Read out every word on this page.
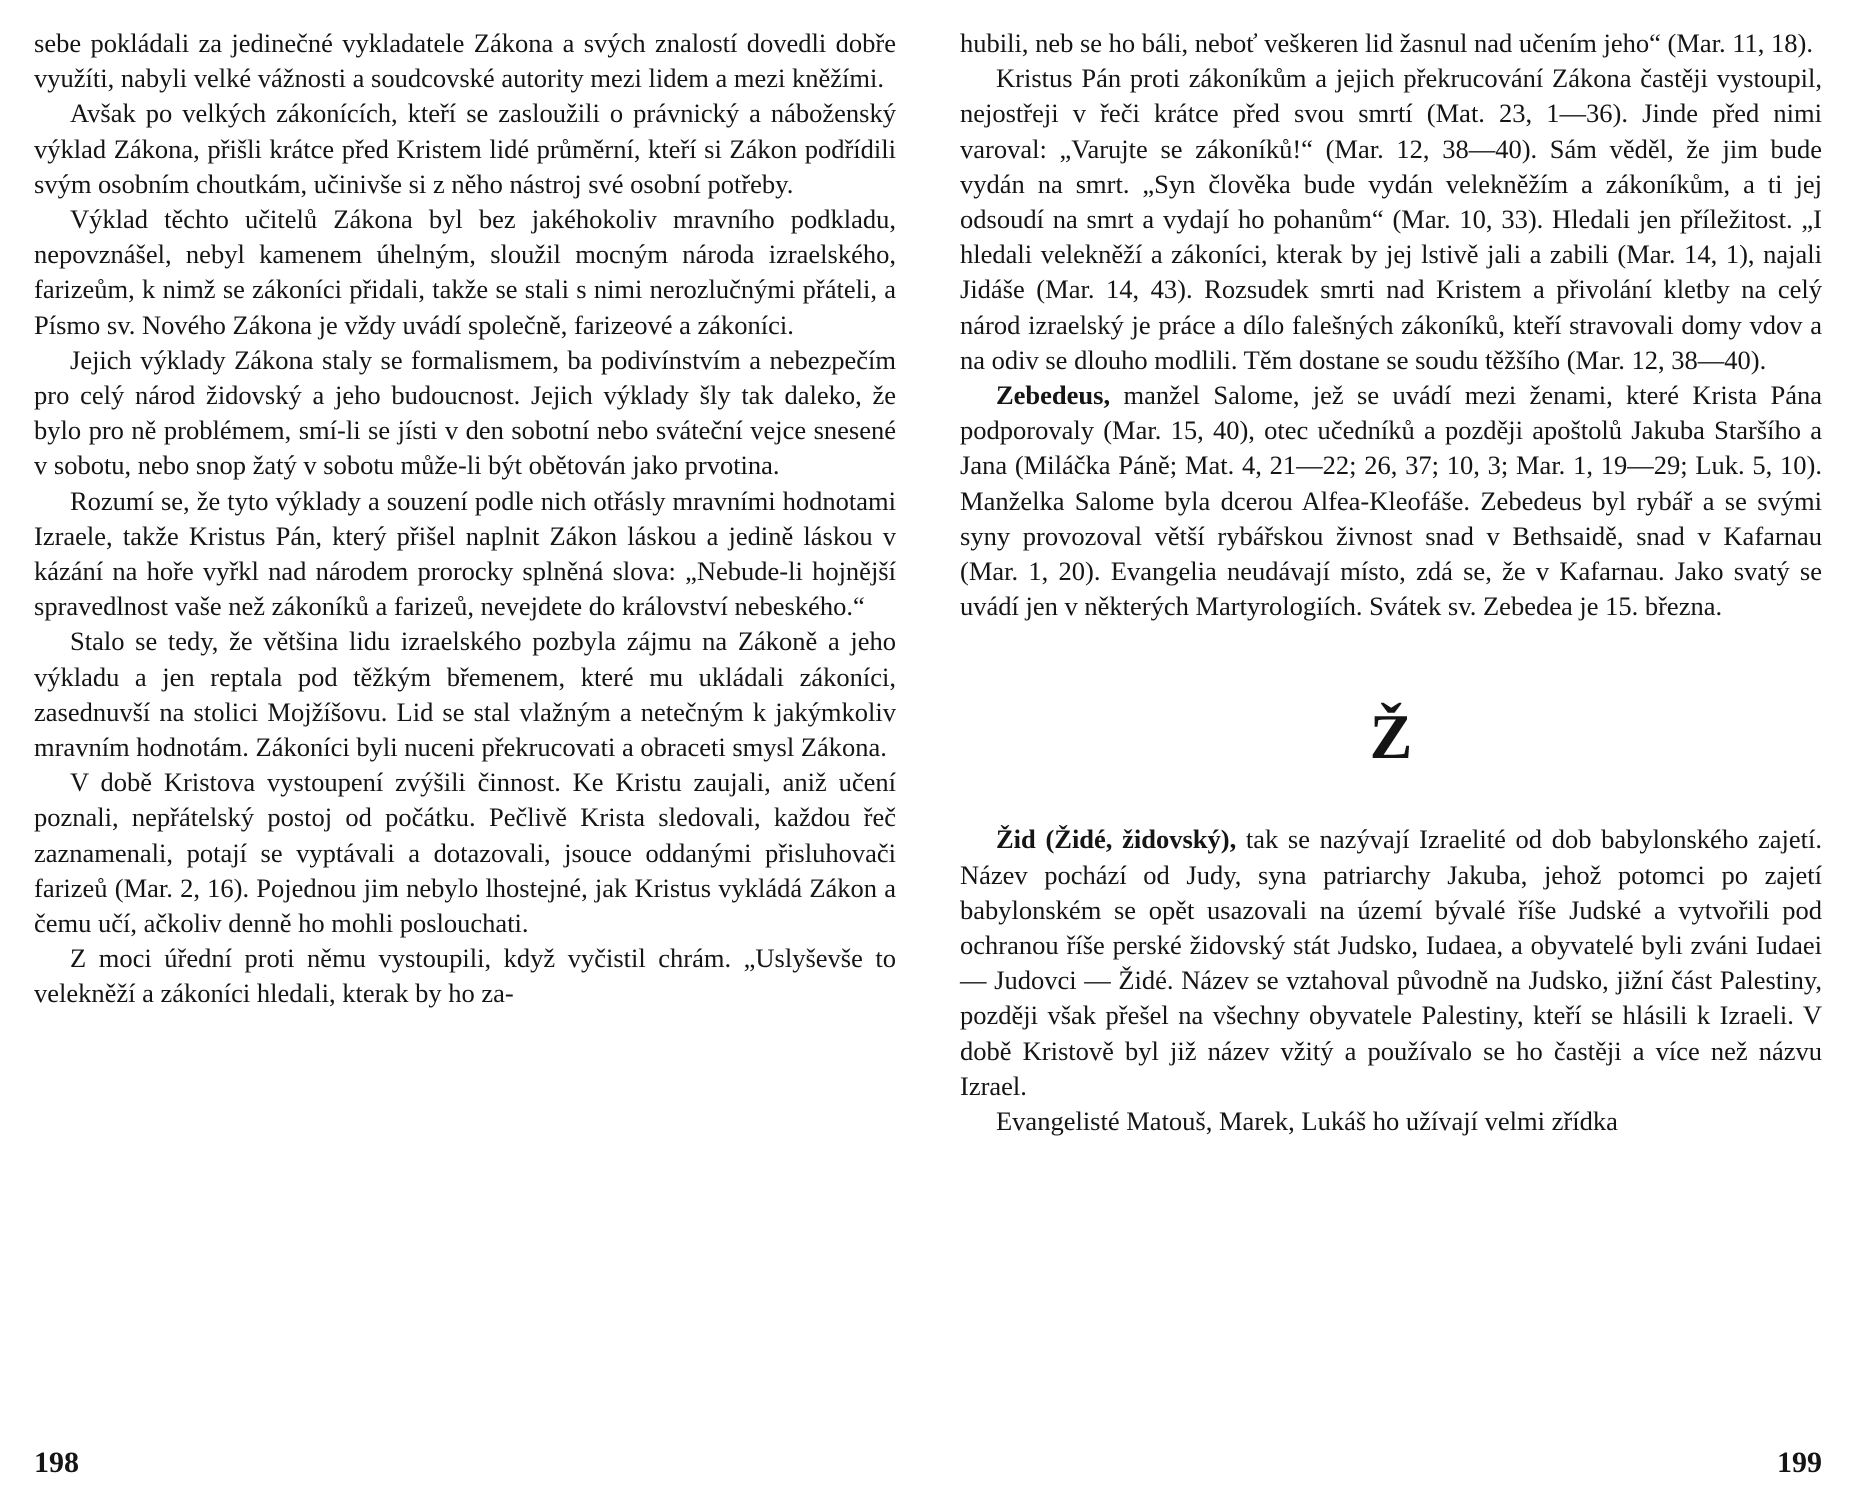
sebe pokládali za jedinečné vykladatele Zákona a svých znalostí dovedli dobře využíti, nabyli velké vážnosti a soudcovské autority mezi lidem a mezi kněžími.

Avšak po velkých zákonících, kteří se zasloužili o právnický a náboženský výklad Zákona, přišli krátce před Kristem lidé průměrní, kteří si Zákon podřídili svým osobním choutkám, učinivše si z něho nástroj své osobní potřeby.

Výklad těchto učitelů Zákona byl bez jakéhokoliv mravního podkladu, nepovznášel, nebyl kamenem úhelným, sloužil mocným národa izraelského, farizeům, k nimž se zákoníci přidali, takže se stali s nimi nerozlučnými přáteli, a Písmo sv. Nového Zákona je vždy uvádí společně, farizeové a zákoníci.

Jejich výklady Zákona staly se formalismem, ba podivínstvím a nebezpečím pro celý národ židovský a jeho budoucnost. Jejich výklady šly tak daleko, že bylo pro ně problémem, smí-li se jísti v den sobotní nebo sváteční vejce snesené v sobotu, nebo snop žatý v sobotu může-li být obětován jako prvotina.

Rozumí se, že tyto výklady a souzení podle nich otřásly mravními hodnotami Izraele, takže Kristus Pán, který přišel naplnit Zákon láskou a jedině láskou v kázání na hoře vyřkl nad národem prorocky splněná slova: „Nebude-li hojnější spravedlnost vaše než zákoníků a farizeů, nevejdete do království nebeského.“

Stalo se tedy, že většina lidu izraelského pozbyla zájmu na Zákoně a jeho výkladu a jen reptala pod těžkým břemenem, které mu ukládali zákoníci, zasednuvší na stolici Mojžíšovu. Lid se stal vlažným a netečným k jakýmkoliv mravním hodnotám. Zákoníci byli nuceni překrucovati a obraceti smysl Zákona.

V době Kristova vystoupení zvýšili činnost. Ke Kristu zaujali, aniž učení poznali, nepřátelský postoj od počátku. Pečlivě Krista sledovali, každou řeč zaznamenali, potají se vyptávali a dotazovali, jsouce oddanými přisluhovači farizeů (Mar. 2, 16). Pojednou jim nebylo lhostejné, jak Kristus vykládá Zákon a čemu učí, ačkoliv denně ho mohli poslouchati.

Z moci úřední proti němu vystoupili, když vyčistil chrám. „Uslyševše to velekněží a zákoníci hledali, kterak by ho za-

198

hubili, neb se ho báli, neboť veškeren lid žasnul nad učením jeho“ (Mar. 11, 18).

Kristus Pán proti zákoníkům a jejich překrucování Zákona častěji vystoupil, nejostřeji v řeči krátce před svou smrtí (Mat. 23, 1—36). Jinde před nimi varoval: „Varujte se zákoníků!“ (Mar. 12, 38—40). Sám věděl, že jim bude vydán na smrt. „Syn člověka bude vydán velekněžím a zákoníkům, a ti jej odsoudí na smrt a vydají ho pohanům“ (Mar. 10, 33). Hledali jen příležitost. „I hledali velekněží a zákoníci, kterak by jej lstivě jali a zabili (Mar. 14, 1), najali Jidáše (Mar. 14, 43). Rozsudek smrti nad Kristem a přivolání kletby na celý národ izraelský je práce a dílo falešných zákoníků, kteří stravovali domy vdov a na odiv se dlouho modlili. Těm dostane se soudu těžšího (Mar. 12, 38—40).

Zebedeus, manžel Salome, jež se uvádí mezi ženami, které Krista Pána podporovaly (Mar. 15, 40), otec učedníků a později apoštolů Jakuba Staršího a Jana (Miláčka Páně; Mat. 4, 21—22; 26, 37; 10, 3; Mar. 1, 19—29; Luk. 5, 10). Manželka Salome byla dcerou Alfea-Kleofáše. Zebedeus byl rybář a se svými syny provozoval větší rybářskou živnost snad v Bethsaidě, snad v Kafarnau (Mar. 1, 20). Evangelia neudávají místo, zdá se, že v Kafarnau. Jako svatý se uvádí jen v některých Martyrologiích. Svátek sv. Zebedea je 15. března.

Ž

Žid (Židé, židovský), tak se nazývají Izraelité od dob babylonského zajetí. Název pochází od Judy, syna patriarchy Jakuba, jehož potomci po zajetí babylonském se opět usazovali na území bývalé říše Judské a vytvořili pod ochranou říše perské židovský stát Judsko, Iudaea, a obyvatelé byli zváni Iudaei — Judovci — Židé. Název se vztahoval původně na Judsko, jižní část Palestiny, později však přešel na všechny obyvatele Palestiny, kteří se hlásili k Izraeli. V době Kristově byl již název vžitý a používalo se ho častěji a více než názvu Izrael.

Evangelisté Matouš, Marek, Lukáš ho užívají velmi zřídka

199
